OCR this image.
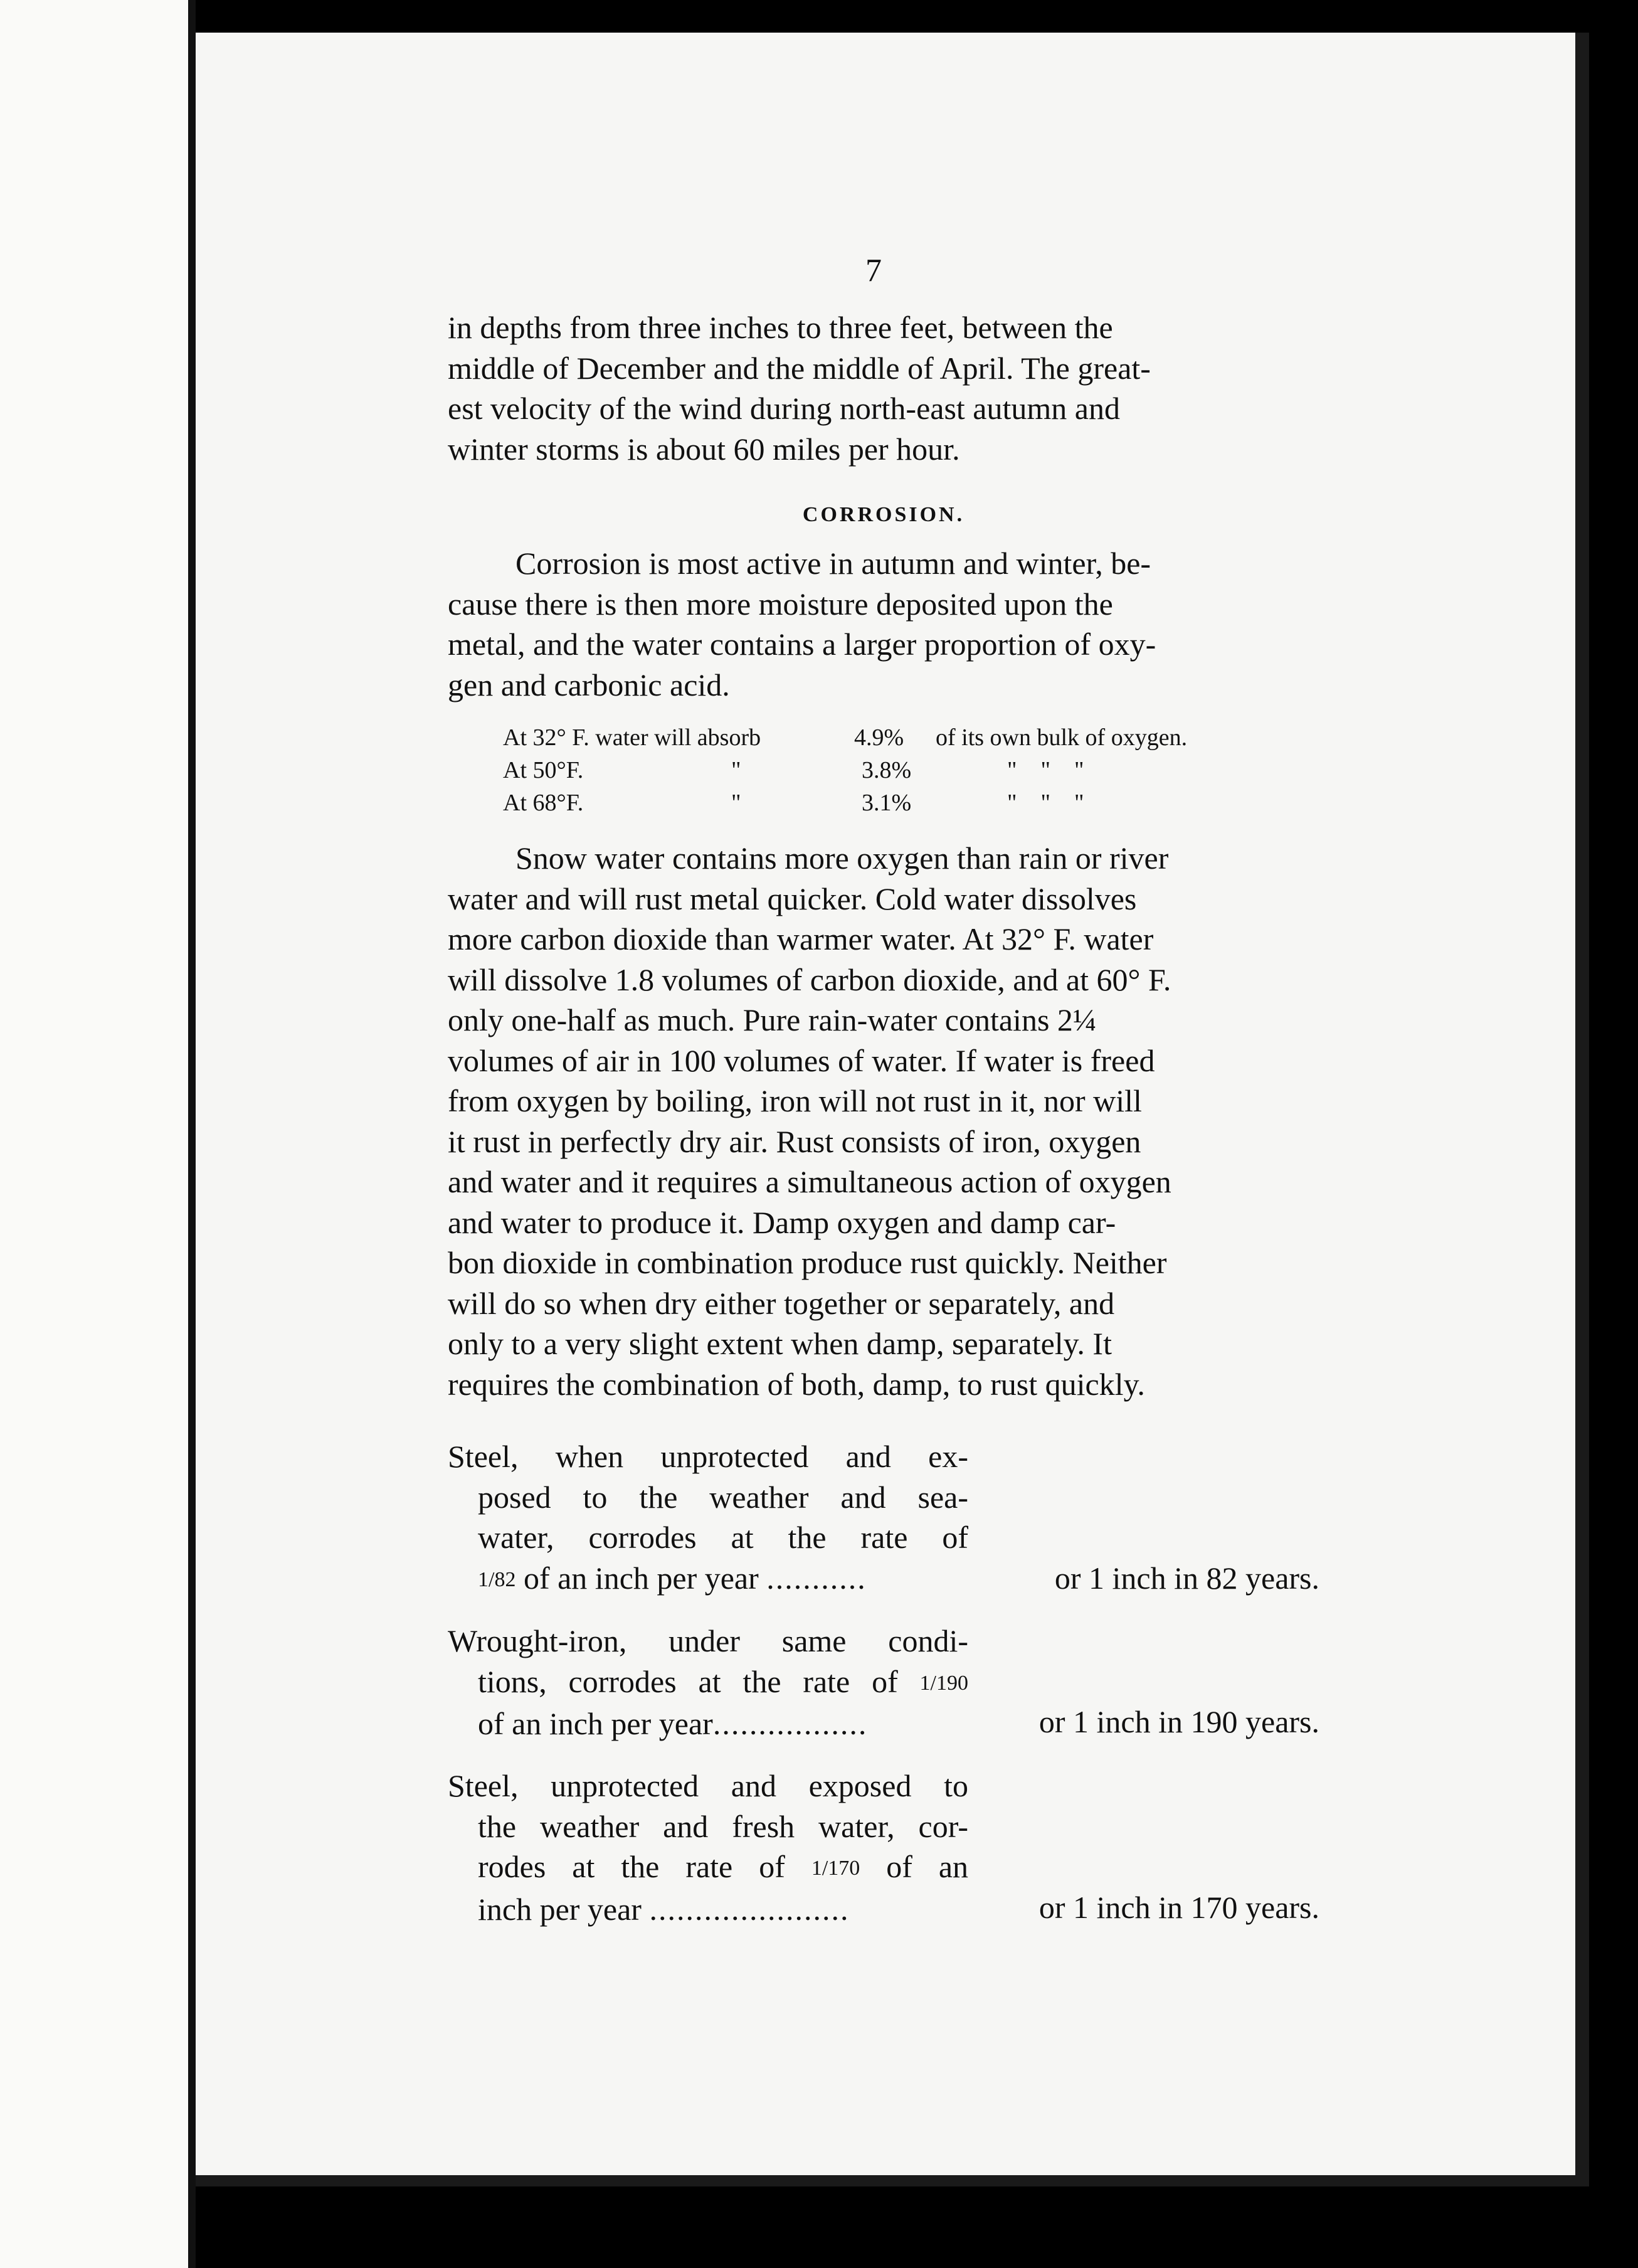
7

in depths from three inches to three feet, between the

middle of December and the middle of April. The great-

est velocity of the wind during north-east autumn and

winter storms is about 60 miles per hour.

CORROSION.

Corrosion is most active in autumn and winter, be-

cause there is then more moisture deposited upon the

metal, and the water contains a larger proportion of oxy-

gen and carbonic acid.

At 32° F. water will absorb	4.9% of its own bulk of oxygen.
At 50°F.	"	3.8%	"    "    "
At 68°F.	"	3.1%	"    "    "

Snow water contains more oxygen than rain or river

water and will rust metal quicker. Cold water dissolves

more carbon dioxide than warmer water. At 32° F. water

will dissolve 1.8 volumes of carbon dioxide, and at 60° F.

only one-half as much. Pure rain-water contains 2¼

volumes of air in 100 volumes of water. If water is freed

from oxygen by boiling, iron will not rust in it, nor will

it rust in perfectly dry air. Rust consists of iron, oxygen

and water and it requires a simultaneous action of oxygen

and water to produce it. Damp oxygen and damp car-

bon dioxide in combination produce rust quickly. Neither

will do so when dry either together or separately, and

only to a very slight extent when damp, separately. It

requires the combination of both, damp, to rust quickly.

Steel, when unprotected and ex-
posed to the weather and sea-
water, corrodes at the rate of
1/82 of an inch per year ...........	or 1 inch in 82 years.
Wrought-iron, under same condi-
tions, corrodes at the rate of 1/190
of an inch per year.................	or 1 inch in 190 years.
Steel, unprotected and exposed to
the weather and fresh water, cor-
rodes at the rate of 1/170 of an
inch per year ......................	or 1 inch in 170 years.
